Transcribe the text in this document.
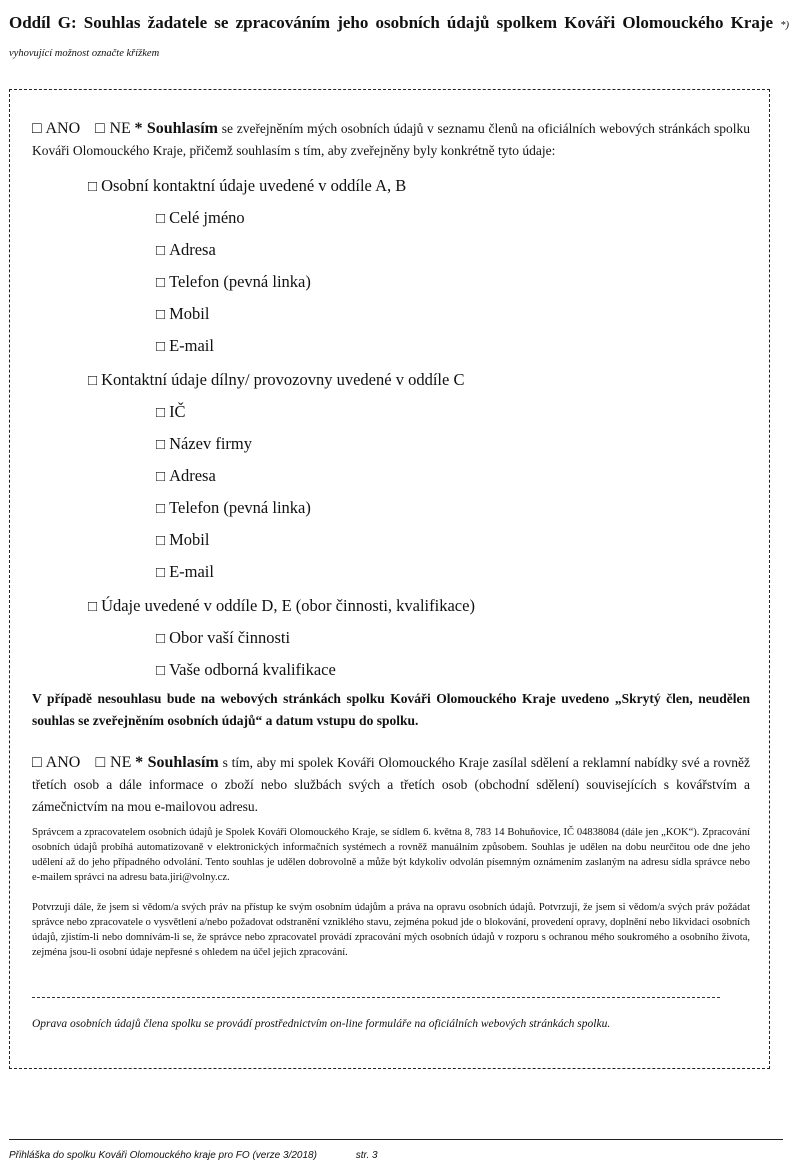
Oddíl G: Souhlas žadatele se zpracováním jeho osobních údajů spolkem Kováři Olomouckého Kraje *) vyhovující možnost označte křížkem
□ ANO □ NE * Souhlasím se zveřejněním mých osobních údajů v seznamu členů na oficiálních webových stránkách spolku Kováři Olomouckého Kraje, přičemž souhlasím s tím, aby zveřejněny byly konkrétně tyto údaje:
□ Osobní kontaktní údaje uvedené v oddíle A, B
□ Celé jméno
□ Adresa
□ Telefon (pevná linka)
□ Mobil
□ E-mail
□ Kontaktní údaje dílny/ provozovny uvedené v oddíle C
□ IČ
□ Název firmy
□ Adresa
□ Telefon (pevná linka)
□ Mobil
□ E-mail
□ Údaje uvedené v oddíle D, E (obor činnosti, kvalifikace)
□ Obor vaší činnosti
□ Vaše odborná kvalifikace
V případě nesouhlasu bude na webových stránkách spolku Kováři Olomouckého Kraje uvedeno „Skrytý člen, neudělen souhlas se zveřejněním osobních údajů“ a datum vstupu do spolku.
□ ANO □ NE * Souhlasím s tím, aby mi spolek Kováři Olomouckého Kraje zasílal sdělení a reklamní nabídky své a rovněž třetích osob a dále informace o zboží nebo službách svých a třetích osob (obchodní sdělení) souvisejících s kovářstvím a zámečnictvím na mou e-mailovou adresu.
Správcem a zpracovatelem osobních údajů je Spolek Kováři Olomouckého Kraje, se sídlem 6. května 8, 783 14 Bohuňovice, IČ 04838084 (dále jen „KOK“). Zpracování osobních údajů probíhá automatizovaně v elektronických informačních systémech a rovněž manuálním způsobem. Souhlas je udělen na dobu neurčitou ode dne jeho udělení až do jeho případného odvolání. Tento souhlas je udělen dobrovolně a může být kdykoliv odvolán písemným oznámením zaslaným na adresu sídla správce nebo e-mailem správci na adresu bata.jiri@volny.cz.
Potvrzuji dále, že jsem si vědom/a svých práv na přístup ke svým osobním údajům a práva na opravu osobních údajů. Potvrzuji, že jsem si vědom/a svých práv požádat správce nebo zpracovatele o vysvětlení a/nebo požadovat odstranění vzniklého stavu, zejména pokud jde o blokování, provedení opravy, doplnění nebo likvidaci osobních údajů, zjistím-li nebo domnívám-li se, že správce nebo zpracovatel provádí zpracování mých osobních údajů v rozporu s ochranou mého soukromého a osobního života, zejména jsou-li osobní údaje nepřesné s ohledem na účel jejich zpracování.
Oprava osobních údajů člena spolku se provádí prostřednictvím on-line formuláře na oficiálních webových stránkách spolku.
Přihláška do spolku Kováři Olomouckého kraje pro FO (verze 3/2018)	str. 3
